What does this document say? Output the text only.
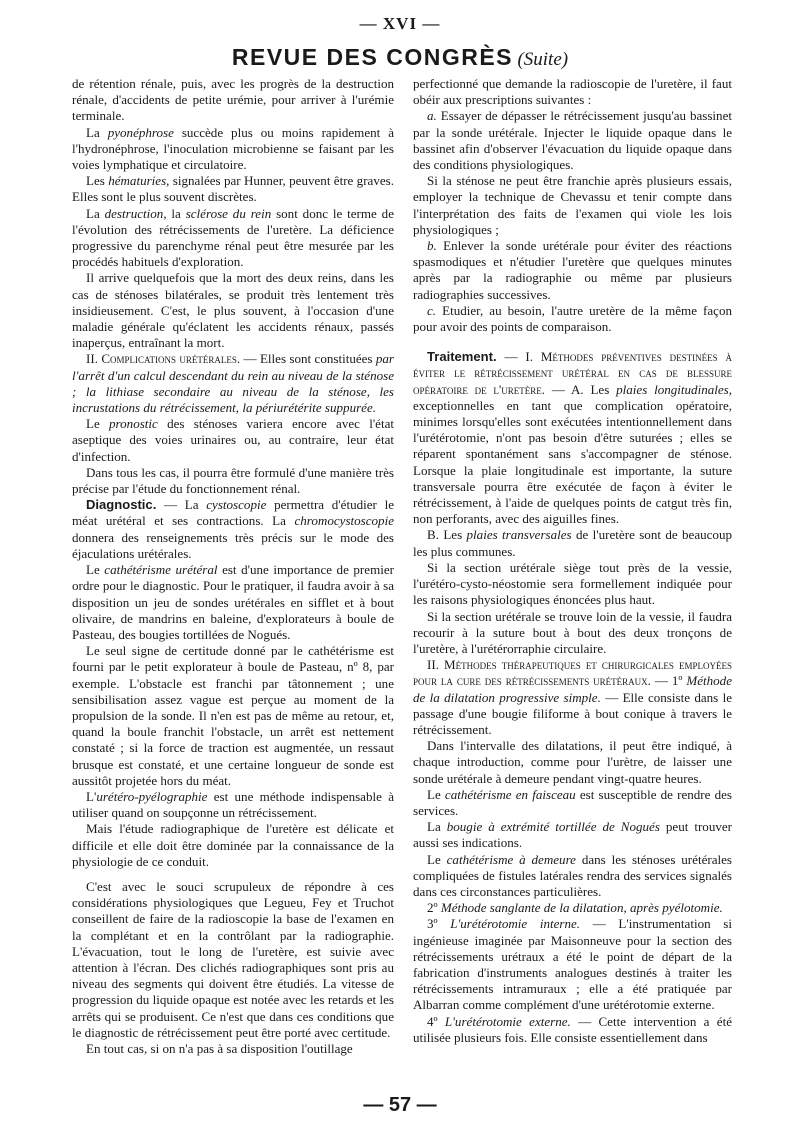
— XVI —
REVUE DES CONGRÈS (Suite)

de rétention rénale, puis, avec les progrès de la destruction rénale, d'accidents de petite urémie, pour arriver à l'urémie terminale.

La pyonéphrose succède plus ou moins rapidement à l'hydronéphrose, l'inoculation microbienne se faisant par les voies lymphatique et circulatoire.

Les hématuries, signalées par Hunner, peuvent être graves. Elles sont le plus souvent discrètes.

La destruction, la sclérose du rein sont donc le terme de l'évolution des rétrécissements de l'uretère. La déficience progressive du parenchyme rénal peut être mesurée par les procédés habituels d'exploration.

Il arrive quelquefois que la mort des deux reins, dans les cas de sténoses bilatérales, se produit très lentement très insidieusement. C'est, le plus souvent, à l'occasion d'une maladie générale qu'éclatent les accidents rénaux, passés inaperçus, entraînant la mort.

II. Complications urétérales. — Elles sont constituées par l'arrêt d'un calcul descendant du rein au niveau de la sténose ; la lithiase secondaire au niveau de la sténose, les incrustations du rétrécissement, la périurétérite suppurée.

Le pronostic des sténoses variera encore avec l'état aseptique des voies urinaires ou, au contraire, leur état d'infection.

Dans tous les cas, il pourra être formulé d'une manière très précise par l'étude du fonctionnement rénal.

Diagnostic. — La cystoscopie permettra d'étudier le méat urétéral et ses contractions. La chromocystoscopie donnera des renseignements très précis sur le mode des éjaculations urétérales.

Le cathétérisme urétéral est d'une importance de premier ordre pour le diagnostic. Pour le pratiquer, il faudra avoir à sa disposition un jeu de sondes urétérales en sifflet et à bout olivaire, de mandrins en baleine, d'explorateurs à boule de Pasteau, des bougies tortillées de Nogués.

Le seul signe de certitude donné par le cathétérisme est fourni par le petit explorateur à boule de Pasteau, nº 8, par exemple. L'obstacle est franchi par tâtonnement ; une sensibilisation assez vague est perçue au moment de la propulsion de la sonde. Il n'en est pas de même au retour, et, quand la boule franchit l'obstacle, un arrêt est nettement constaté ; si la force de traction est augmentée, un ressaut brusque est constaté, et une certaine longueur de sonde est aussitôt projetée hors du méat.

L'urétéro-pyélographie est une méthode indispensable à utiliser quand on soupçonne un rétrécissement.

Mais l'étude radiographique de l'uretère est délicate et difficile et elle doit être dominée par la connaissance de la physiologie de ce conduit.

C'est avec le souci scrupuleux de répondre à ces considérations physiologiques que Legueu, Fey et Truchot conseillent de faire de la radioscopie la base de l'examen en la complétant et en la contrôlant par la radiographie. L'évacuation, tout le long de l'uretère, est suivie avec attention à l'écran. Des clichés radiographiques sont pris au niveau des segments qui doivent être étudiés. La vitesse de progression du liquide opaque est notée avec les retards et les arrêts qui se produisent. Ce n'est que dans ces conditions que le diagnostic de rétrécissement peut être porté avec certitude.

En tout cas, si on n'a pas à sa disposition l'outillage

perfectionné que demande la radioscopie de l'uretère, il faut obéir aux prescriptions suivantes :

a. Essayer de dépasser le rétrécissement jusqu'au bassinet par la sonde urétérale. Injecter le liquide opaque dans le bassinet afin d'observer l'évacuation du liquide opaque dans des conditions physiologiques.

Si la sténose ne peut être franchie après plusieurs essais, employer la technique de Chevassu et tenir compte dans l'interprétation des faits de l'examen qui viole les lois physiologiques ;

b. Enlever la sonde urétérale pour éviter des réactions spasmodiques et n'étudier l'uretère que quelques minutes après par la radiographie ou même par plusieurs radiographies successives.

c. Etudier, au besoin, l'autre uretère de la même façon pour avoir des points de comparaison.

Traitement. — I. Méthodes préventives destinées à éviter le rétrécissement urétéral en cas de blessure opératoire de l'uretère. — A. Les plaies longitudinales, exceptionnelles en tant que complication opératoire, minimes lorsqu'elles sont exécutées intentionnellement dans l'urétérotomie, n'ont pas besoin d'être suturées ; elles se réparent spontanément sans s'accompagner de sténose. Lorsque la plaie longitudinale est importante, la suture transversale pourra être exécutée de façon à éviter le rétrécissement, à l'aide de quelques points de catgut très fin, non perforants, avec des aiguilles fines.

B. Les plaies transversales de l'uretère sont de beaucoup les plus communes.

Si la section urétérale siège tout près de la vessie, l'urétéro-cysto-néostomie sera formellement indiquée pour les raisons physiologiques énoncées plus haut.

Si la section urétérale se trouve loin de la vessie, il faudra recourir à la suture bout à bout des deux tronçons de l'uretère, à l'urétérorraphie circulaire.

II. Méthodes thérapeutiques et chirurgicales employées pour la cure des rétrécissements urétéraux. — 1º Méthode de la dilatation progressive simple. — Elle consiste dans le passage d'une bougie filiforme à bout conique à travers le rétrécissement.

Dans l'intervalle des dilatations, il peut être indiqué, à chaque introduction, comme pour l'urètre, de laisser une sonde urétérale à demeure pendant vingt-quatre heures.

Le cathétérisme en faisceau est susceptible de rendre des services.

La bougie à extrémité tortillée de Nogués peut trouver aussi ses indications.

Le cathétérisme à demeure dans les sténoses urétérales compliquées de fistules latérales rendra des services signalés dans ces circonstances particulières.

2º Méthode sanglante de la dilatation, après pyélotomie.

3º L'urétérotomie interne. — L'instrumentation si ingénieuse imaginée par Maisonneuve pour la section des rétrécissements urétraux a été le point de départ de la fabrication d'instruments analogues destinés à traiter les rétrécissements intramuraux ; elle a été pratiquée par Albarran comme complément d'une urétérotomie externe.

4º L'urétérotomie externe. — Cette intervention a été utilisée plusieurs fois. Elle consiste essentiellement dans

— 57 —
